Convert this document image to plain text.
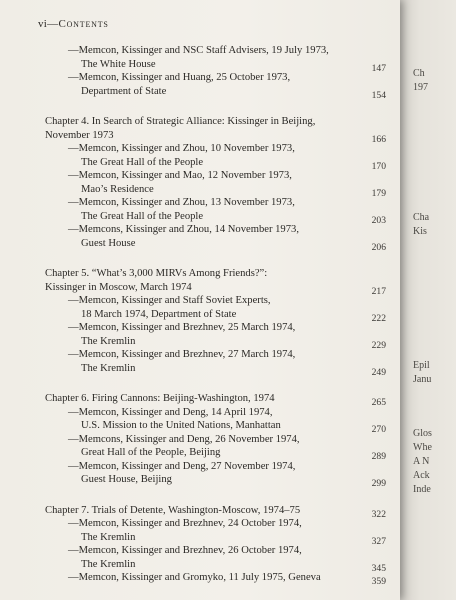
Ch
197
Cha
Kis
Epil
Janu
Glos
Whe
A N
Ack
Inde
vi—Contents
—Memcon, Kissinger and NSC Staff Advisers, 19 July 1973,
The White House	147
—Memcon, Kissinger and Huang, 25 October 1973,
Department of State	154
Chapter 4. In Search of Strategic Alliance: Kissinger in Beijing,
November 1973	166
—Memcon, Kissinger and Zhou, 10 November 1973,
The Great Hall of the People	170
—Memcon, Kissinger and Mao, 12 November 1973,
Mao’s Residence	179
—Memcon, Kissinger and Zhou, 13 November 1973,
The Great Hall of the People	203
—Memcons, Kissinger and Zhou, 14 November 1973,
Guest House	206
Chapter 5. “What’s 3,000 MIRVs Among Friends?”:
Kissinger in Moscow, March 1974	217
—Memcon, Kissinger and Staff Soviet Experts,
18 March 1974, Department of State	222
—Memcon, Kissinger and Brezhnev, 25 March 1974,
The Kremlin	229
—Memcon, Kissinger and Brezhnev, 27 March 1974,
The Kremlin	249
Chapter 6. Firing Cannons: Beijing-Washington, 1974	265
—Memcon, Kissinger and Deng, 14 April 1974,
U.S. Mission to the United Nations, Manhattan	270
—Memcons, Kissinger and Deng, 26 November 1974,
Great Hall of the People, Beijing	289
—Memcon, Kissinger and Deng, 27 November 1974,
Guest House, Beijing	299
Chapter 7. Trials of Detente, Washington-Moscow, 1974–75	322
—Memcon, Kissinger and Brezhnev, 24 October 1974,
The Kremlin	327
—Memcon, Kissinger and Brezhnev, 26 October 1974,
The Kremlin	345
—Memcon, Kissinger and Gromyko, 11 July 1975, Geneva	359
